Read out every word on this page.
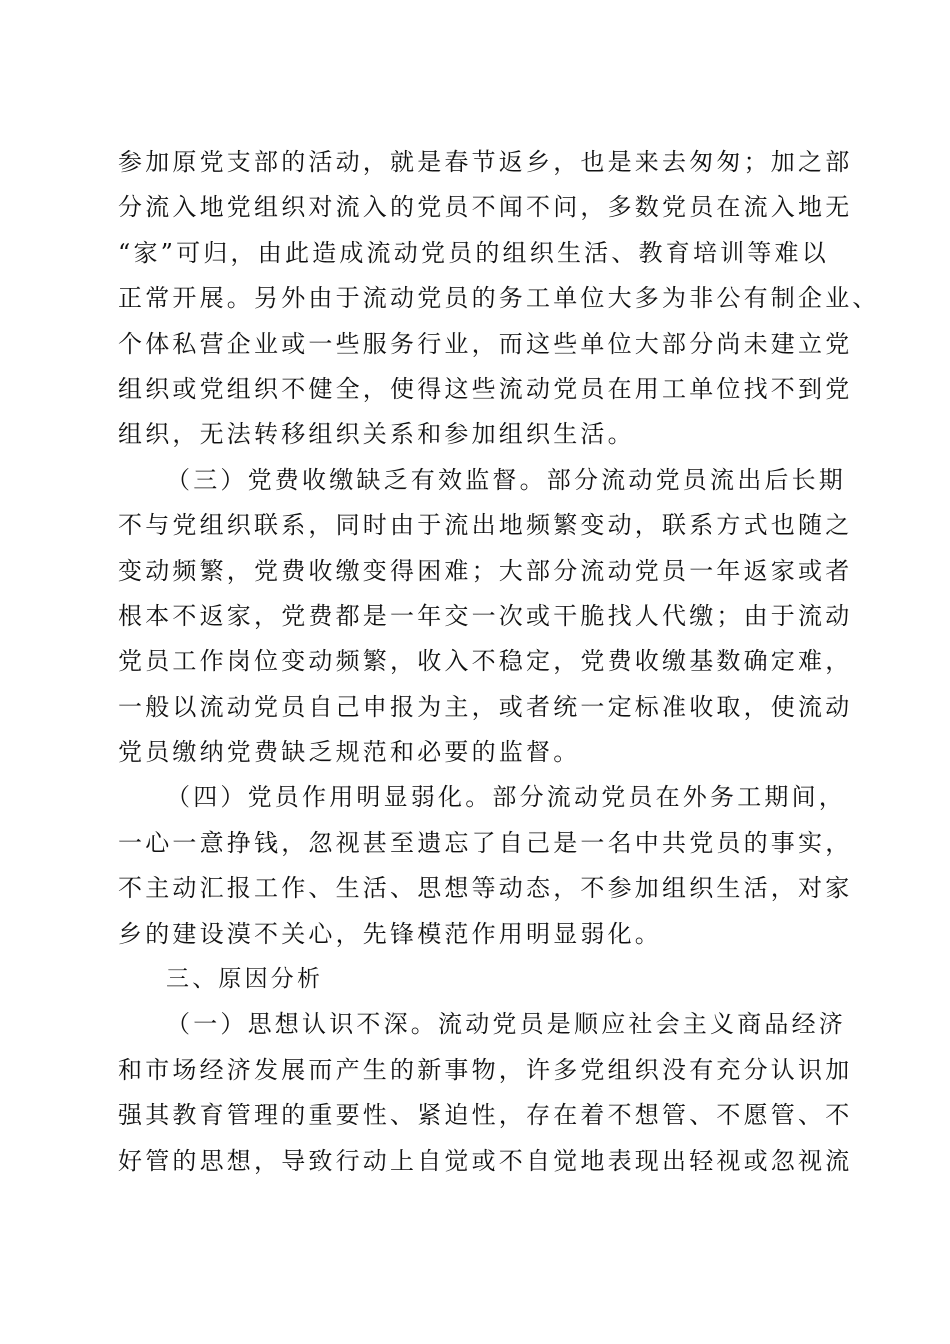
参加原党支部的活动，就是春节返乡，也是来去匆匆；加之部
分流入地党组织对流入的党员不闻不问，多数党员在流入地无
“家”可归，由此造成流动党员的组织生活、教育培训等难以
正常开展。另外由于流动党员的务工单位大多为非公有制企业、
个体私营企业或一些服务行业，而这些单位大部分尚未建立党
组织或党组织不健全，使得这些流动党员在用工单位找不到党
组织，无法转移组织关系和参加组织生活。
（三）党费收缴缺乏有效监督。部分流动党员流出后长期
不与党组织联系，同时由于流出地频繁变动，联系方式也随之
变动频繁，党费收缴变得困难；大部分流动党员一年返家或者
根本不返家，党费都是一年交一次或干脆找人代缴；由于流动
党员工作岗位变动频繁，收入不稳定，党费收缴基数确定难，
一般以流动党员自己申报为主，或者统一定标准收取，使流动
党员缴纳党费缺乏规范和必要的监督。
（四）党员作用明显弱化。部分流动党员在外务工期间，
一心一意挣钱，忽视甚至遗忘了自己是一名中共党员的事实，
不主动汇报工作、生活、思想等动态，不参加组织生活，对家
乡的建设漠不关心，先锋模范作用明显弱化。
三、原因分析
（一）思想认识不深。流动党员是顺应社会主义商品经济
和市场经济发展而产生的新事物，许多党组织没有充分认识加
强其教育管理的重要性、紧迫性，存在着不想管、不愿管、不
好管的思想，导致行动上自觉或不自觉地表现出轻视或忽视流
